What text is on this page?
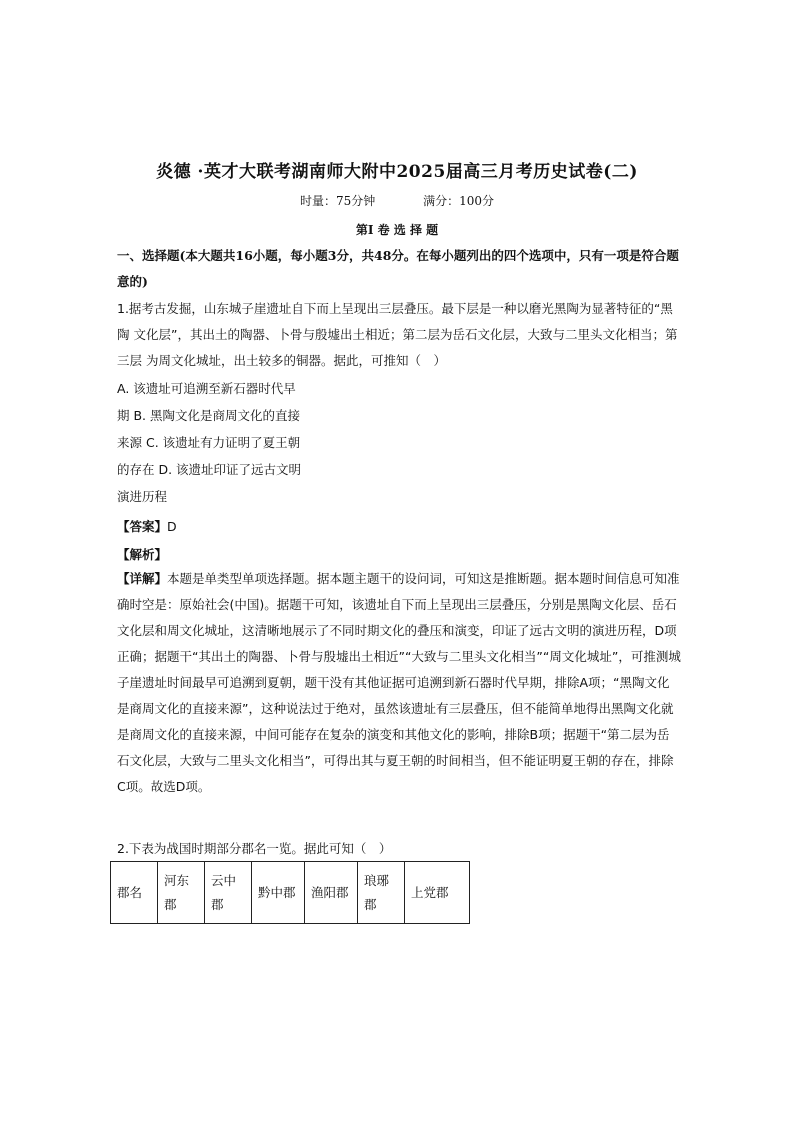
炎德 ·英才大联考湖南师大附中2025届高三月考历史试卷(二)
时量：75分钟	满分：100分
第I 卷 选 择 题

一、选择题(本大题共16小题，每小题3分，共48分。在每小题列出的四个选项中，只有一项是符合题意的)

1.据考古发掘，山东城子崖遗址自下而上呈现出三层叠压。最下层是一种以磨光黑陶为显著特征的“黑陶 文化层”，其出土的陶器、卜骨与殷墟出土相近；第二层为岳石文化层，大致与二里头文化相当；第三层 为周文化城址，出土较多的铜器。据此，可推知（　）

A. 该遗址可追溯至新石器时代早
期 B. 黑陶文化是商周文化的直接
来源 C. 该遗址有力证明了夏王朝
的存在 D. 该遗址印证了远古文明
演进历程
【答案】D
【解析】

【详解】本题是单类型单项选择题。据本题主题干的设问词，可知这是推断题。据本题时间信息可知准确时空是：原始社会(中国)。据题干可知，该遗址自下而上呈现出三层叠压，分别是黑陶文化层、岳石文化层和周文化城址，这清晰地展示了不同时期文化的叠压和演变，印证了远古文明的演进历程，D项正确；据题干“其出土的陶器、卜骨与殷墟出土相近”“大致与二里头文化相当”“周文化城址”，可推测城子崖遗址时间最早可追溯到夏朝，题干没有其他证据可追溯到新石器时代早期，排除A项；“黑陶文化是商周文化的直接来源”，这种说法过于绝对，虽然该遗址有三层叠压，但不能简单地得出黑陶文化就是商周文化的直接来源，中间可能存在复杂的演变和其他文化的影响，排除B项；据题干“第二层为岳石文化层，大致与二里头文化相当”，可得出其与夏王朝的时间相当，但不能证明夏王朝的存在，排除C项。故选D项。

2.下表为战国时期部分郡名一览。据此可知（　）

郡名	河东郡	云中郡	黔中郡	渔阳郡	琅琊郡	上党郡
